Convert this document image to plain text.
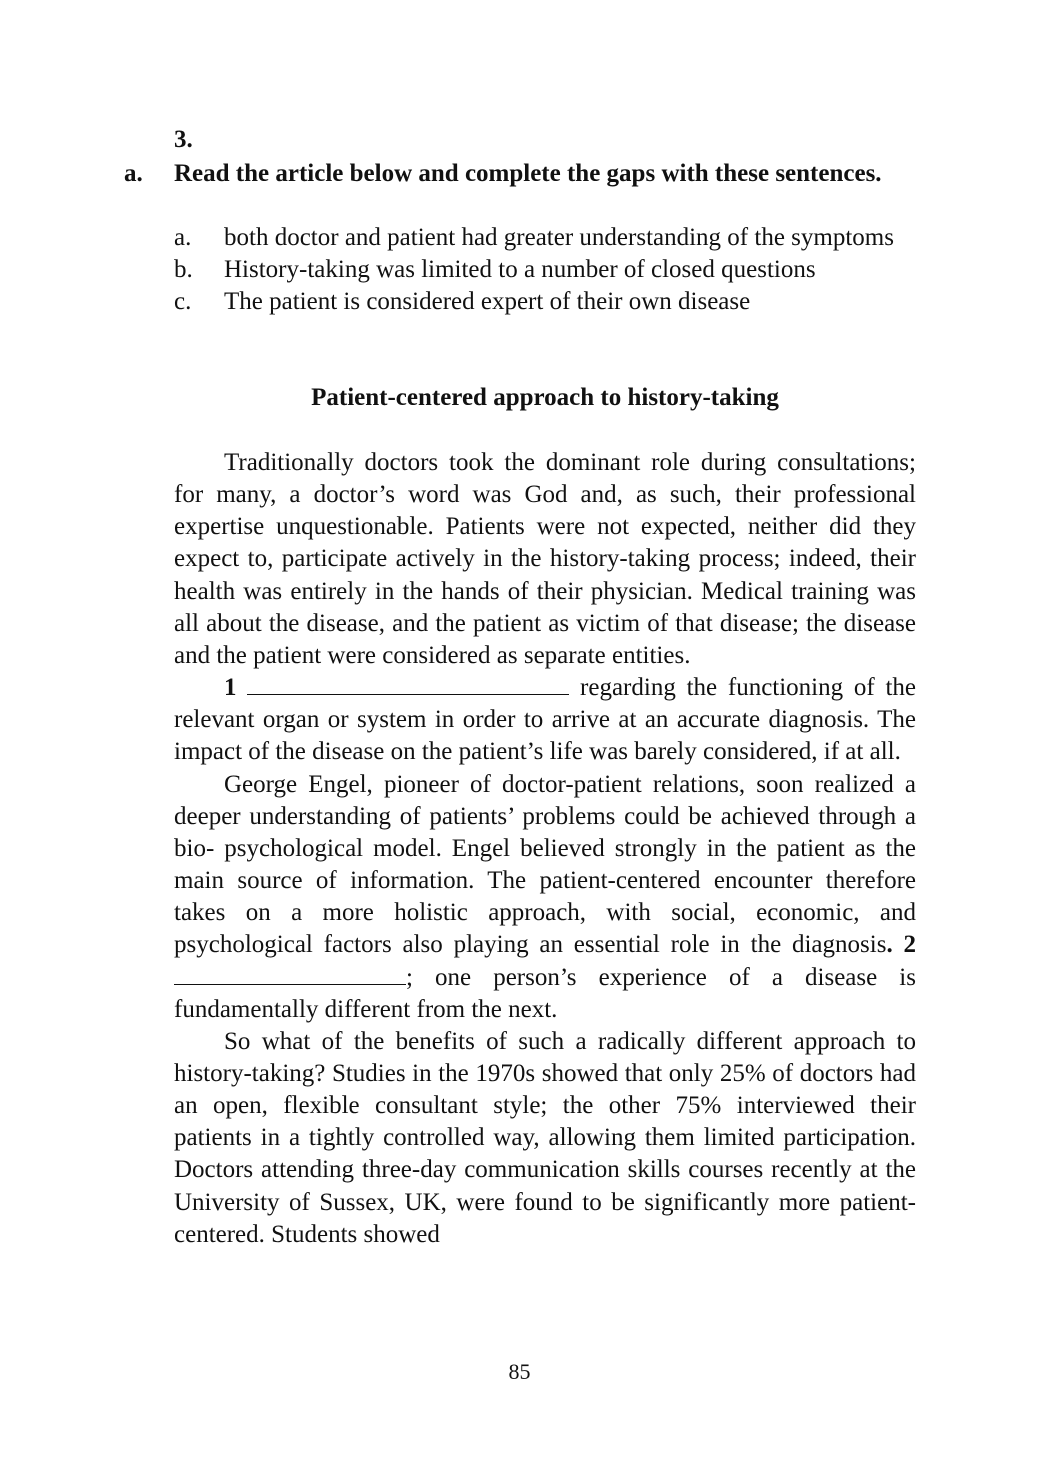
3.
a. Read the article below and complete the gaps with these sentences.
a. both doctor and patient had greater understanding of the symptoms
b. History-taking was limited to a number of closed questions
c. The patient is considered expert of their own disease
Patient-centered approach to history-taking

Traditionally doctors took the dominant role during consultations; for many, a doctor’s word was God and, as such, their professional expertise unquestionable. Patients were not expected, neither did they expect to, participate actively in the history-taking process; indeed, their health was entirely in the hands of their physician. Medical training was all about the disease, and the patient as victim of that disease; the disease and the patient were considered as separate entities.

1	regarding the functioning of the relevant organ or system in order to arrive at an accurate diagnosis. The impact of the disease on the patient’s life was barely considered, if at all.

George Engel, pioneer of doctor-patient relations, soon realized a deeper understanding of patients’ problems could be achieved through a bio- psychological model. Engel believed strongly in the patient as the main source of information. The patient-centered encounter therefore takes on a more holistic approach, with social, economic, and psychological factors also playing an essential role in the diagnosis. 2 ; one person’s experience of a disease is fundamentally different from the next.

So what of the benefits of such a radically different approach to history-taking? Studies in the 1970s showed that only 25% of doctors had an open, flexible consultant style; the other 75% interviewed their patients in a tightly controlled way, allowing them limited participation. Doctors attending three-day communication skills courses recently at the University of Sussex, UK, were found to be significantly more patient-centered. Students showed

85
